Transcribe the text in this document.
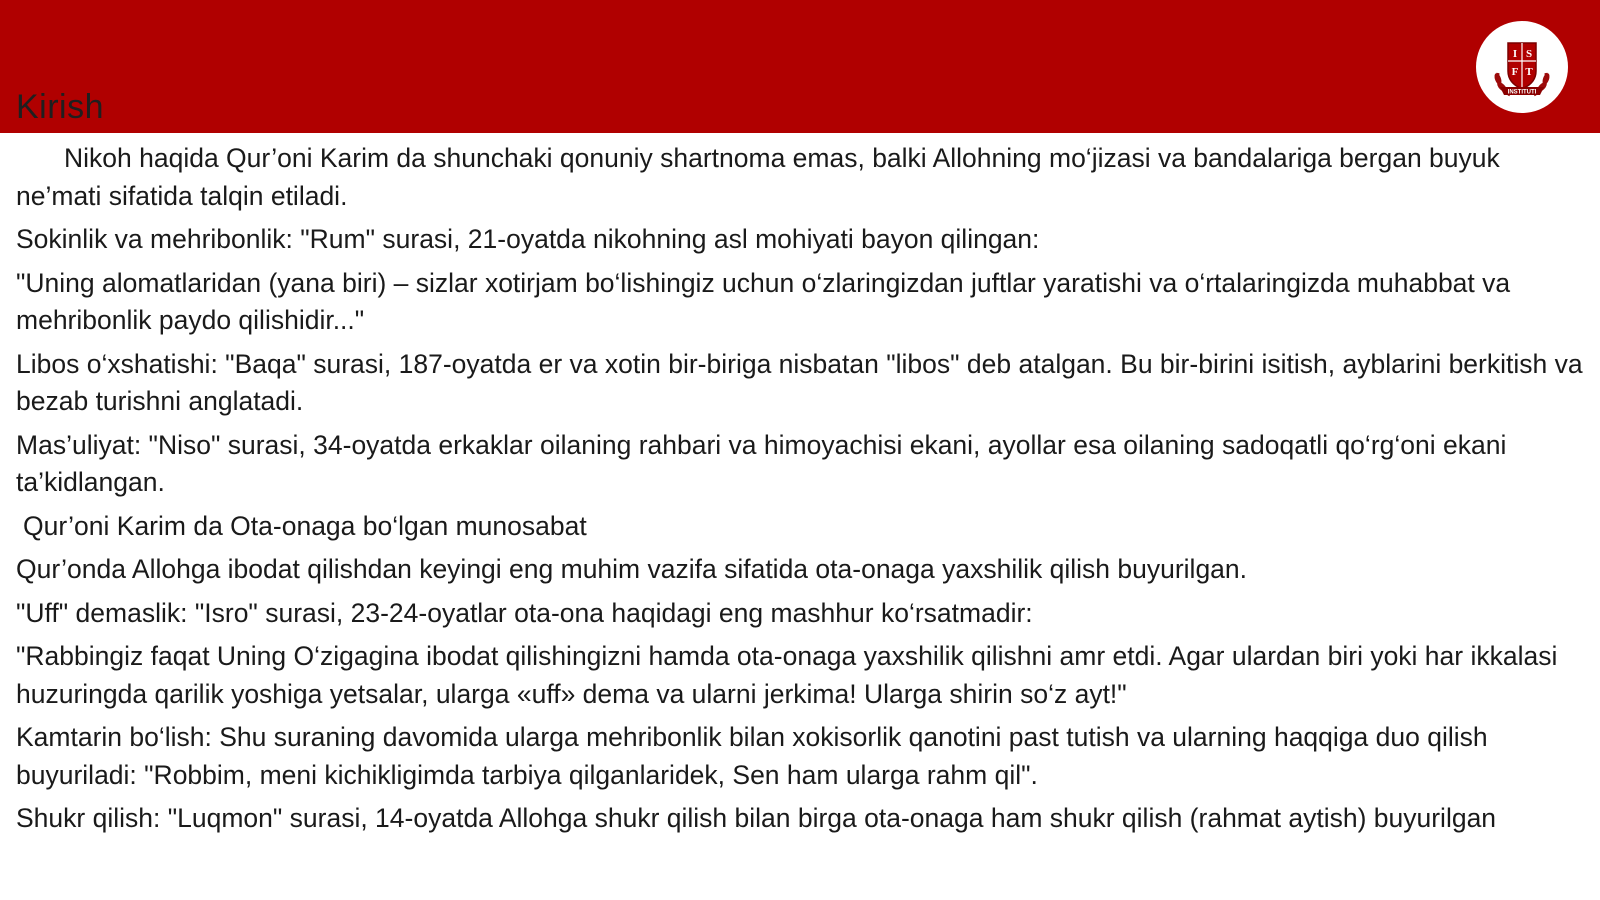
Kirish
I S
F T
INSTITUTI

Nikoh haqida Qur’oni Karim da shunchaki qonuniy shartnoma emas, balki Allohning mo‘jizasi va bandalariga bergan buyuk ne’mati sifatida talqin etiladi.

Sokinlik va mehribonlik: "Rum" surasi, 21-oyatda nikohning asl mohiyati bayon qilingan:

"Uning alomatlaridan (yana biri) – sizlar xotirjam bo‘lishingiz uchun o‘zlaringizdan juftlar yaratishi va o‘rtalaringizda muhabbat va mehribonlik paydo qilishidir..."

Libos o‘xshatishi: "Baqa" surasi, 187-oyatda er va xotin bir-biriga nisbatan "libos" deb atalgan. Bu bir-birini isitish, ayblarini berkitish va bezab turishni anglatadi.

Mas’uliyat: "Niso" surasi, 34-oyatda erkaklar oilaning rahbari va himoyachisi ekani, ayollar esa oilaning sadoqatli qo‘rg‘oni ekani ta’kidlangan.

Qur’oni Karim da Ota-onaga bo‘lgan munosabat

Qur’onda Allohga ibodat qilishdan keyingi eng muhim vazifa sifatida ota-onaga yaxshilik qilish buyurilgan.

"Uff" demaslik: "Isro" surasi, 23-24-oyatlar ota-ona haqidagi eng mashhur ko‘rsatmadir:

"Rabbingiz faqat Uning O‘zigagina ibodat qilishingizni hamda ota-onaga yaxshilik qilishni amr etdi. Agar ulardan biri yoki har ikkalasi huzuringda qarilik yoshiga yetsalar, ularga «uff» dema va ularni jerkima! Ularga shirin so‘z ayt!"

Kamtarin bo‘lish: Shu suraning davomida ularga mehribonlik bilan xokisorlik qanotini past tutish va ularning haqqiga duo qilish buyuriladi: "Robbim, meni kichikligimda tarbiya qilganlaridek, Sen ham ularga rahm qil".

Shukr qilish: "Luqmon" surasi, 14-oyatda Allohga shukr qilish bilan birga ota-onaga ham shukr qilish (rahmat aytish) buyurilgan
